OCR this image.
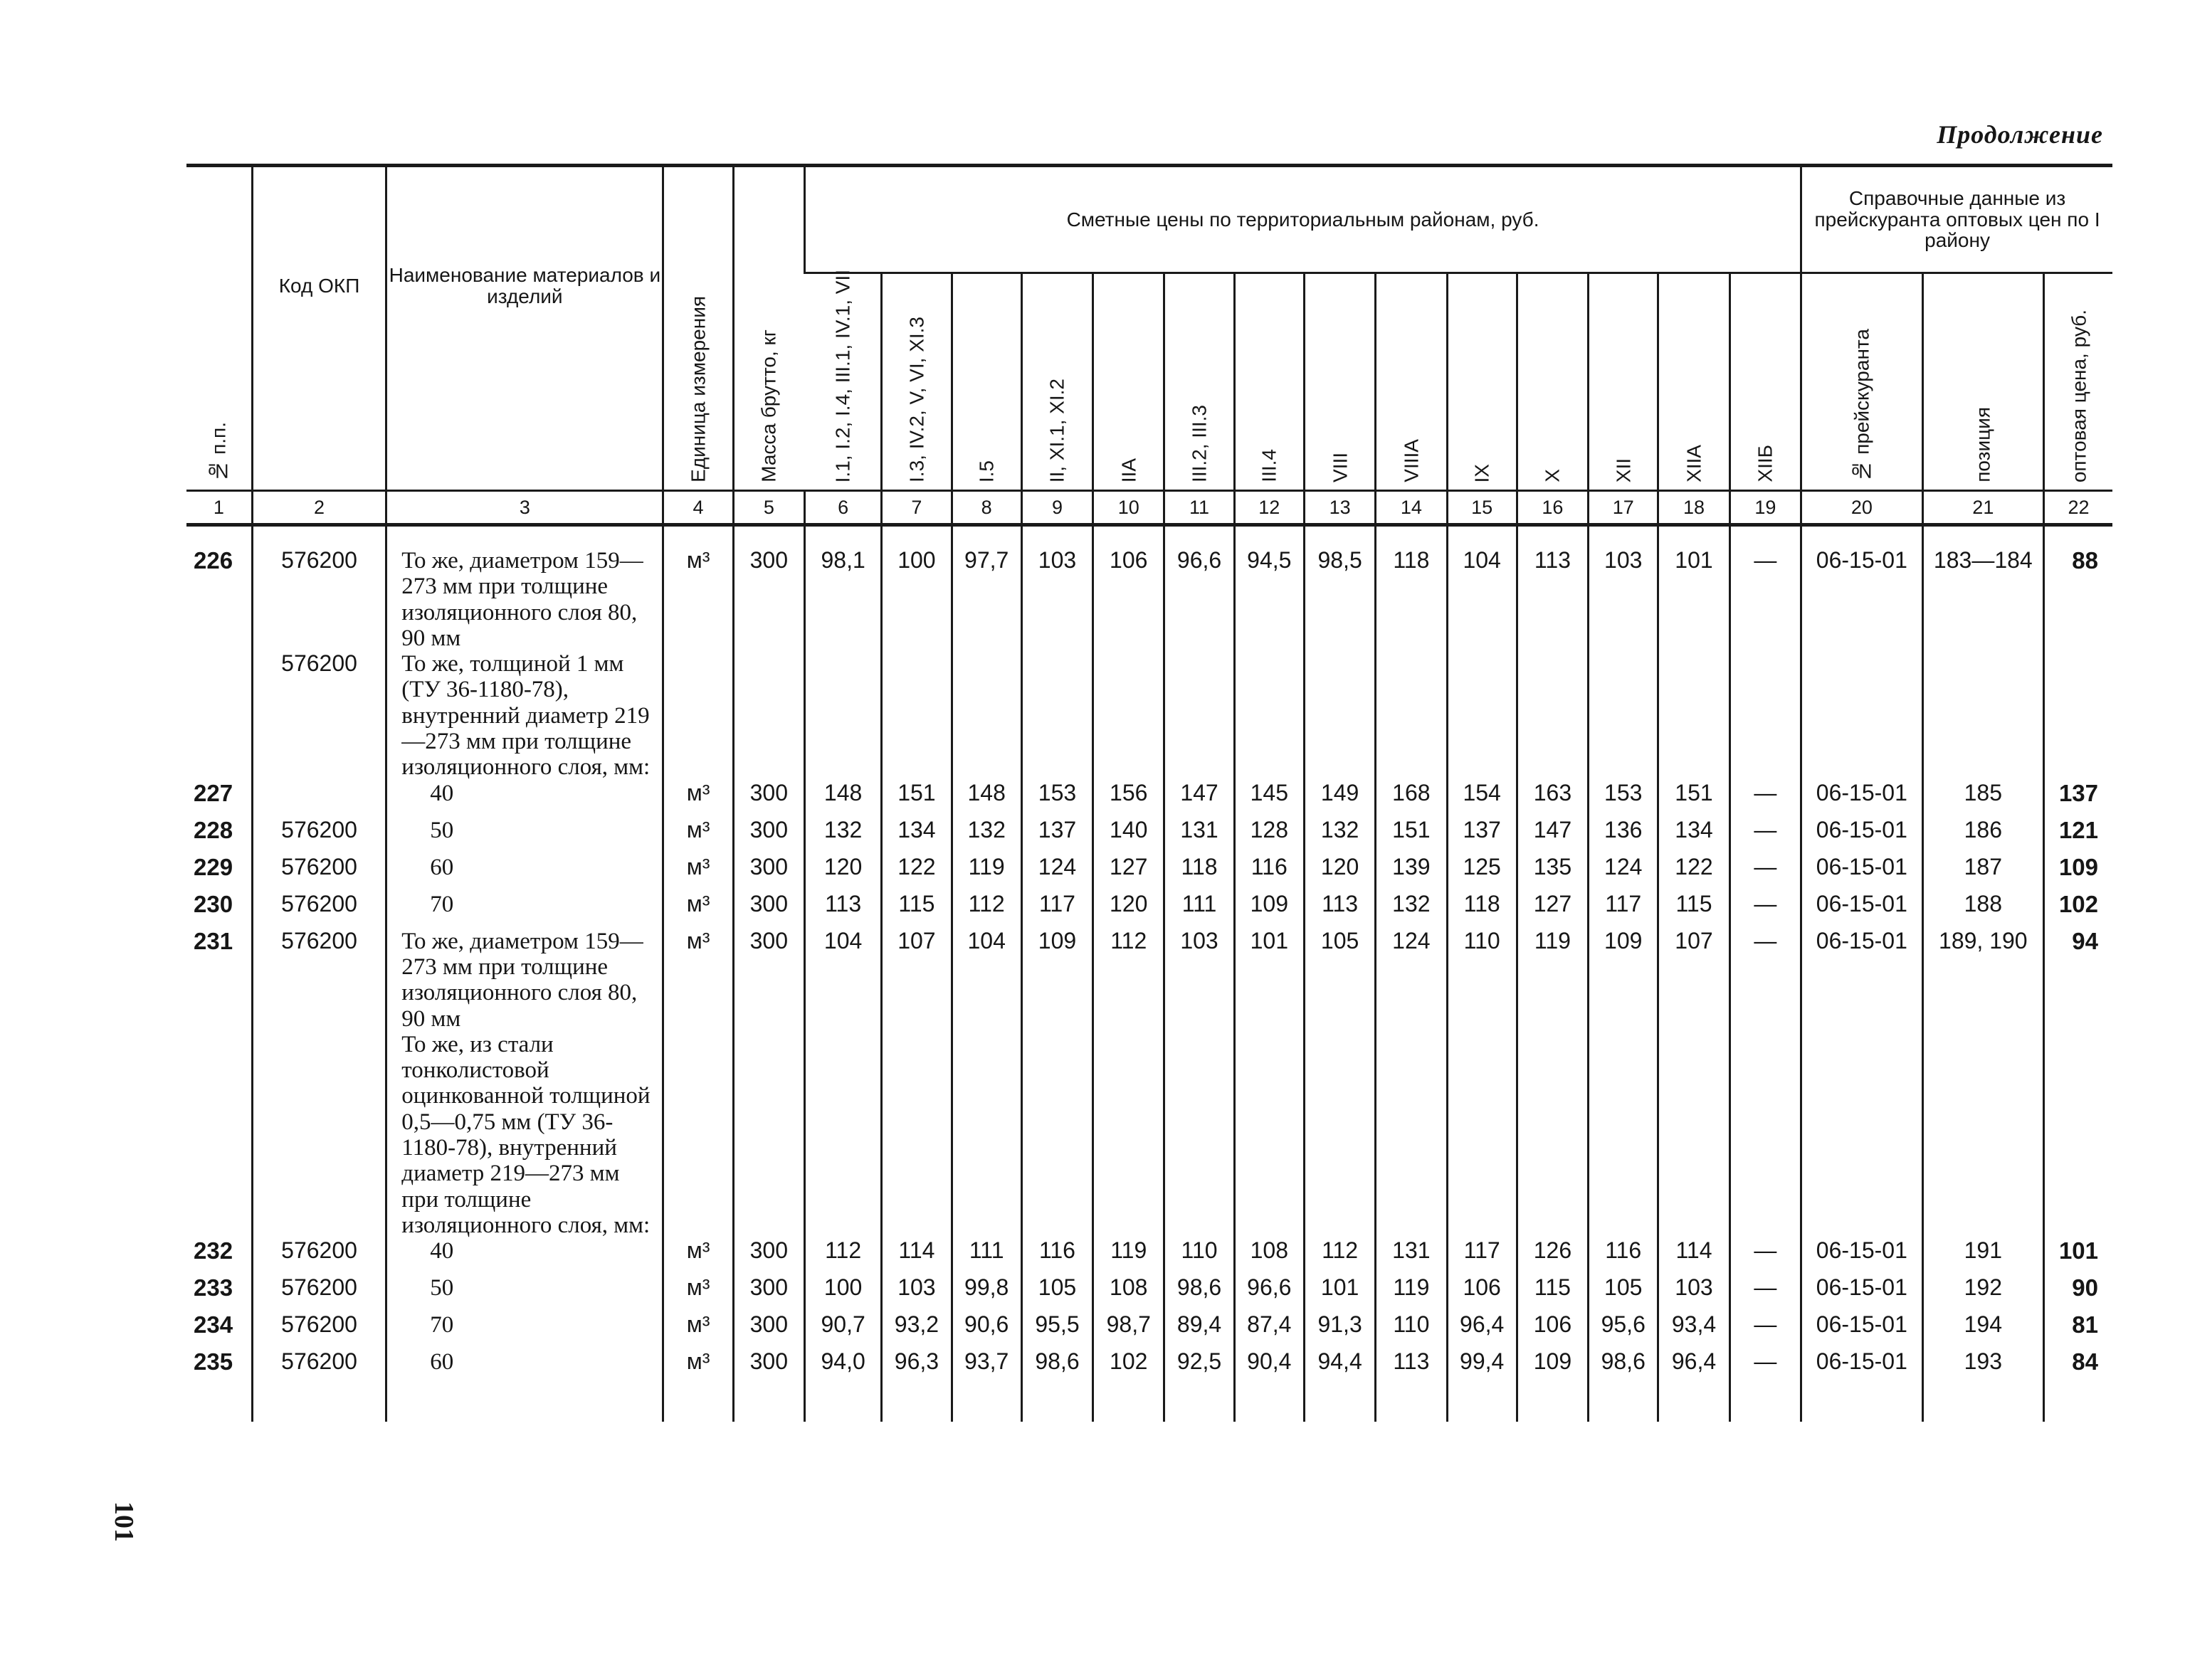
Продолжение
101
№ п.п.	Код ОКП	Наименование материалов и изделий	Единица измерения	Масса брутто, кг	Сметные цены по территориальным районам, руб.														Справочные данные из прейскуранта оптовых цен по I району		

					I.1, I.2, I.4, III.1, IV.1, VII	I.3, IV.2, V, VI, XI.3	I.5	II, XI.1, XI.2	IIA	III.2, III.3	III.4	VIII	VIIIA	IX	X	XII	XIIA	XIIБ	№ прейскуранта	позиция	оптовая цена, руб.

1	2	3	4	5	6	7	8	9	10	11	12	13	14	15	16	17	18	19	20	21	22

226	576200	То же, диаметром 159—273 мм при толщине изоляционного слоя 80, 90 мм	м³	300	98,1	100	97,7	103	106	96,6	94,5	98,5	118	104	113	103	101	—	06-15-01	183—184	88
	576200	То же, толщиной 1 мм (ТУ 36-1180-78), внутренний диаметр 219—273 мм при толщине изоляционного слоя, мм:																			
227		40	м³	300	148	151	148	153	156	147	145	149	168	154	163	153	151	—	06-15-01	185	137
228	576200	50	м³	300	132	134	132	137	140	131	128	132	151	137	147	136	134	—	06-15-01	186	121
229	576200	60	м³	300	120	122	119	124	127	118	116	120	139	125	135	124	122	—	06-15-01	187	109
230	576200	70	м³	300	113	115	112	117	120	111	109	113	132	118	127	117	115	—	06-15-01	188	102
231	576200	То же, диаметром 159—273 мм при толщине изоляционного слоя 80, 90 мм	м³	300	104	107	104	109	112	103	101	105	124	110	119	109	107	—	06-15-01	189, 190	94
		То же, из стали тонколистовой оцинкованной толщиной 0,5—0,75 мм (ТУ 36-1180-78), внутренний диаметр 219—273 мм при толщине изоляционного слоя, мм:																			
232	576200	40	м³	300	112	114	111	116	119	110	108	112	131	117	126	116	114	—	06-15-01	191	101
233	576200	50	м³	300	100	103	99,8	105	108	98,6	96,6	101	119	106	115	105	103	—	06-15-01	192	90
234	576200	70	м³	300	90,7	93,2	90,6	95,5	98,7	89,4	87,4	91,3	110	96,4	106	95,6	93,4	—	06-15-01	194	81
235	576200	60	м³	300	94,0	96,3	93,7	98,6	102	92,5	90,4	94,4	113	99,4	109	98,6	96,4	—	06-15-01	193	84
